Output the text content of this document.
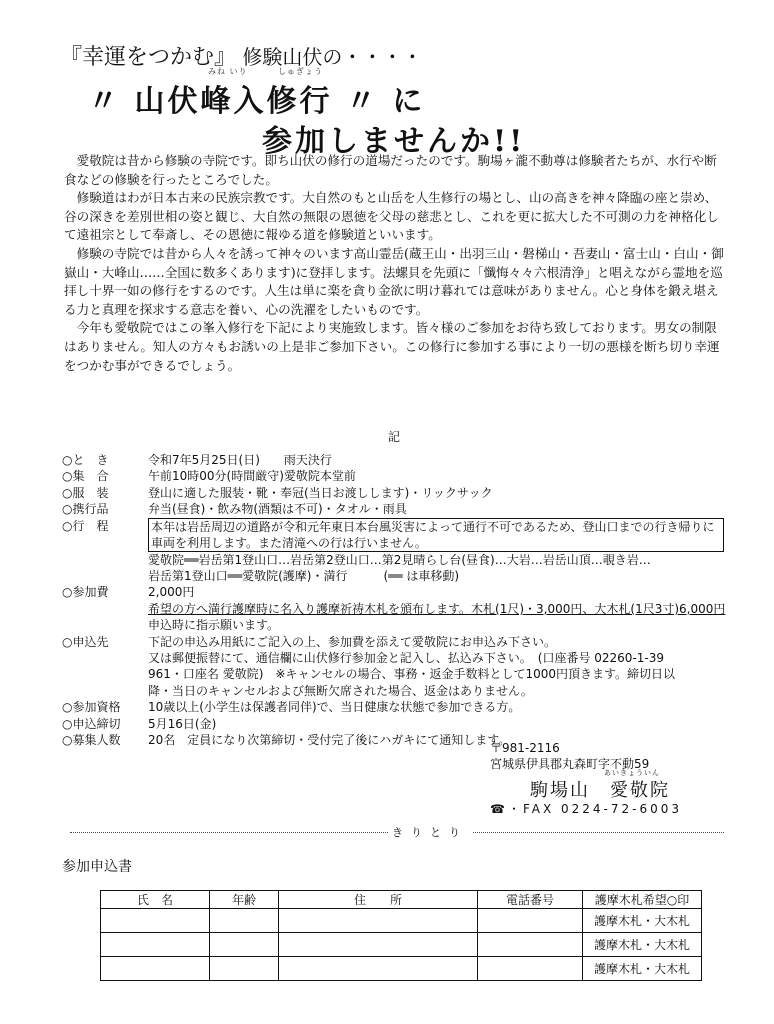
『幸運をつかむ』 修験山伏の・・・・
みね いり	しゅぎょう
〃 山伏峰入修行 〃 に
参加しませんか!!

愛敬院は昔から修験の寺院です。即ち山伏の修行の道場だったのです。駒場ヶ瀧不動尊は修験者たちが、水行や断食などの修験を行ったところでした。

修験道はわが日本古来の民族宗教です。大自然のもと山岳を人生修行の場とし、山の高きを神々降臨の座と崇め、谷の深きを差別世相の姿と観じ、大自然の無限の恩徳を父母の慈悲とし、これを更に拡大した不可測の力を神格化して遠祖宗として奉斎し、その恩徳に報ゆる道を修験道といいます。

修験の寺院では昔から人々を誘って神々のいます高山霊岳(蔵王山・出羽三山・磐梯山・吾妻山・富士山・白山・御嶽山・大峰山……全国に数多くあります)に登拝します。法螺貝を先頭に「懺悔々々六根清浄」と唱えながら霊地を巡拝し十界一如の修行をするのです。人生は単に楽を貪り金欲に明け暮れては意味がありません。心と身体を鍛え堪える力と真理を探求する意志を養い、心の洗濯をしたいものです。

今年も愛敬院ではこの峯入修行を下記により実施致します。皆々様のご参加をお待ち致しております。男女の制限はありません。知人の方々もお誘いの上是非ご参加下さい。この修行に参加する事により一切の悪様を断ち切り幸運をつかむ事ができるでしょう。

記
○と　き	令和7年5月25日(日)　　雨天決行
○集　合	午前10時00分(時間厳守)愛敬院本堂前
○服　装	登山に適した服装・靴・奉冠(当日お渡しします)・リックサック
○携行品	弁当(昼食)・飲み物(酒類は不可)・タオル・雨具
○行　程	本年は岩岳周辺の道路が令和元年東日本台風災害によって通行不可であるため、登山口までの行き帰りに車両を利用します。また清滝への行は行いません。
愛敬院══岩岳第1登山口…岩岳第2登山口…第2見晴らし台(昼食)…大岩…岩岳山頂…覗き岩…
岩岳第1登山口══愛敬院(護摩)・満行　　　(══ は車移動)
○参加費	2,000円
希望の方へ満行護摩時に名入り護摩祈祷木札を頒布します。木札(1尺)・3,000円、大木札(1尺3寸)6,000円
申込時に指示願います。
○申込先	下記の申込み用紙にご記入の上、参加費を添えて愛敬院にお申込み下さい。
又は郵便振替にて、通信欄に山伏修行参加金と記入し、払込み下さい。　(口座番号 02260-1-39
961・口座名 愛敬院)　※キャンセルの場合、事務・返金手数料として1000円頂きます。締切日以
降・当日のキャンセルおよび無断欠席された場合、返金はありません。
○参加資格	10歳以上(小学生は保護者同伴)で、当日健康な状態で参加できる方。
○申込締切	5月16日(金)
○募集人数	20名　定員になり次第締切・受付完了後にハガキにて通知します。
〒981-2116
宮城県伊具郡丸森町字不動59
あいきょういん
駒場山　愛敬院
☎・FAX 0224-72-6003
きりとり
参加申込書
氏　名	年齢	住　　所	電話番号	護摩木札希望○印
				護摩木札・大木札
				護摩木札・大木札
				護摩木札・大木札
